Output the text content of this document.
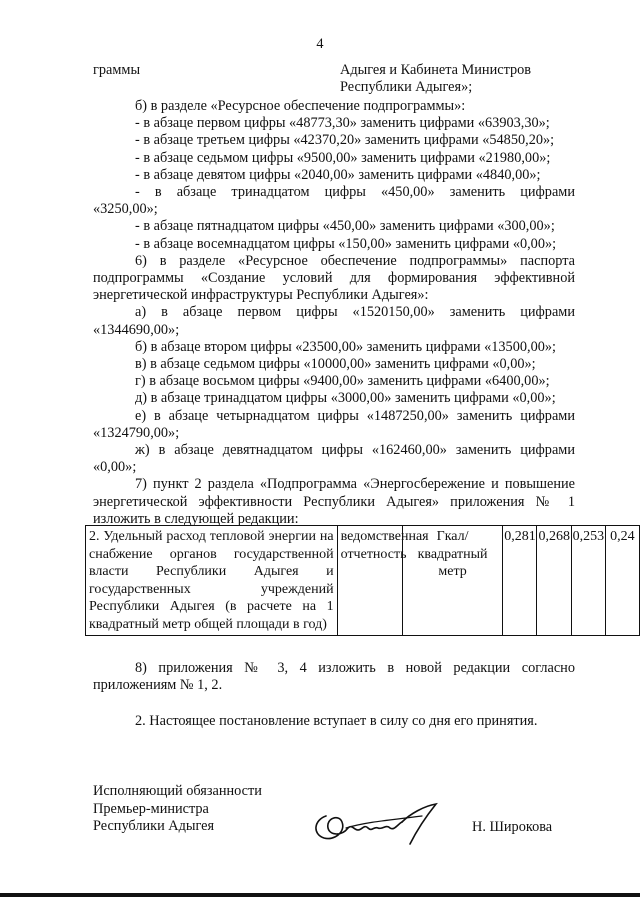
4
граммы	Адыгея и Кабинета Министров Республики Адыгея»;

б) в разделе «Ресурсное обеспечение подпрограммы»:

- в абзаце первом цифры «48773,30» заменить цифрами «63903,30»;

- в абзаце третьем цифры «42370,20» заменить цифрами «54850,20»;

- в абзаце седьмом цифры «9500,00» заменить цифрами «21980,00»;

- в абзаце девятом цифры «2040,00» заменить цифрами «4840,00»;

- в абзаце тринадцатом цифры «450,00» заменить цифрами

«3250,00»;

- в абзаце пятнадцатом цифры «450,00» заменить цифрами «300,00»;

- в абзаце восемнадцатом цифры «150,00» заменить цифрами «0,00»;

6) в разделе «Ресурсное обеспечение подпрограммы» паспорта подпрограммы «Создание условий для формирования эффективной энергетической инфраструктуры Республики Адыгея»:

а) в абзаце первом цифры «1520150,00» заменить цифрами

«1344690,00»;

б) в абзаце втором цифры «23500,00» заменить цифрами «13500,00»;

в) в абзаце седьмом цифры «10000,00» заменить цифрами «0,00»;

г) в абзаце восьмом цифры «9400,00» заменить цифрами «6400,00»;

д) в абзаце тринадцатом цифры «3000,00» заменить цифрами «0,00»;

е) в абзаце четырнадцатом цифры «1487250,00» заменить цифрами

«1324790,00»;

ж) в абзаце девятнадцатом цифры «162460,00» заменить цифрами

«0,00»;

7) пункт 2 раздела «Подпрограмма «Энергосбережение и повышение энергетической эффективности Республики Адыгея» приложения № 1 изложить в следующей редакции:

2. Удельный расход тепловой энергии на снабжение органов государственной власти Республики Адыгея и государственных учреждений Республики Адыгея (в расчете на 1 квадратный метр общей площади в год)	ведомственная отчетность	Гкал/квадратный метр	0,281	0,268	0,253	0,24

8) приложения № 3, 4 изложить в новой редакции согласно приложениям № 1, 2.

2. Настоящее постановление вступает в силу со дня его принятия.

Исполняющий обязанности
Премьер-министра
Республики Адыгея	Н. Широкова
